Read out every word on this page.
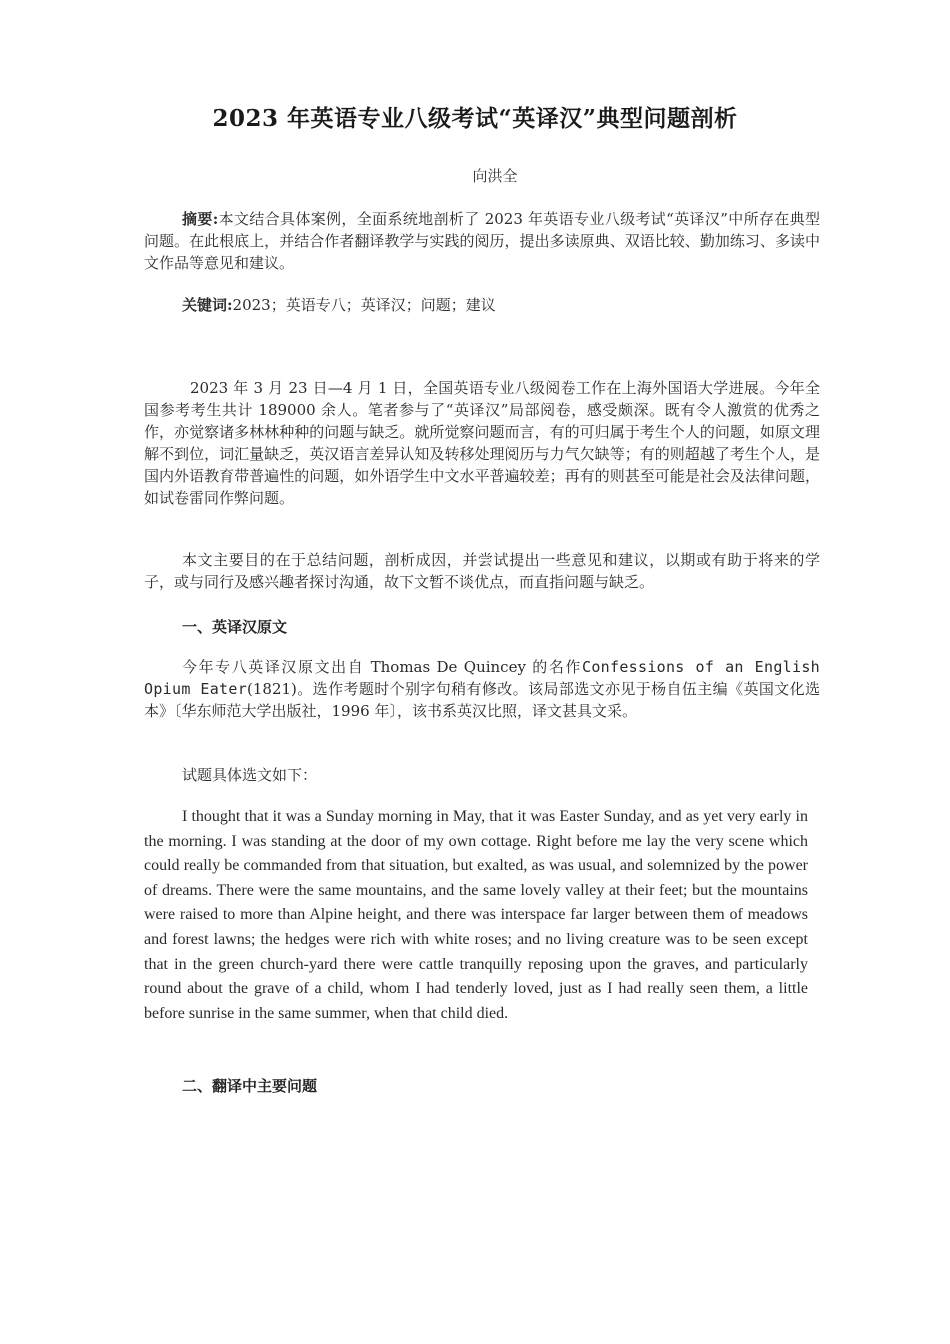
2023 年英语专业八级考试“英译汉”典型问题剖析
向洪全
摘要:本文结合具体案例，全面系统地剖析了 2023 年英语专业八级考试“英译汉”中所存在典型问题。在此根底上，并结合作者翻译教学与实践的阅历，提出多读原典、双语比较、勤加练习、多读中文作品等意见和建议。
关键词:2023；英语专八；英译汉；问题；建议
2023 年 3 月 23 日—4 月 1 日，全国英语专业八级阅卷工作在上海外国语大学进展。今年全国参考考生共计 189000 余人。笔者参与了“英译汉”局部阅卷，感受颇深。既有令人激赏的优秀之作，亦觉察诸多林林种种的问题与缺乏。就所觉察问题而言，有的可归属于考生个人的问题，如原文理解不到位，词汇量缺乏，英汉语言差异认知及转移处理阅历与力气欠缺等；有的则超越了考生个人，是国内外语教育带普遍性的问题，如外语学生中文水平普遍较差；再有的则甚至可能是社会及法律问题，如试卷雷同作弊问题。
本文主要目的在于总结问题，剖析成因，并尝试提出一些意见和建议，以期或有助于将来的学子，或与同行及感兴趣者探讨沟通，故下文暂不谈优点，而直指问题与缺乏。
一、英译汉原文
今年专八英译汉原文出自 Thomas De Quincey 的名作Confessions of an English Opium Eater(1821)。选作考题时个别字句稍有修改。该局部选文亦见于杨自伍主编《英国文化选本》〔华东师范大学出版社，1996 年〕，该书系英汉比照，译文甚具文采。
试题具体选文如下：
I thought that it was a Sunday morning in May, that it was Easter Sunday, and as yet very early in the morning. I was standing at the door of my own cottage. Right before me lay the very scene which could really be commanded from that situation, but exalted, as was usual, and solemnized by the power of dreams. There were the same mountains, and the same lovely valley at their feet; but the mountains were raised to more than Alpine height, and there was interspace far larger between them of meadows and forest lawns; the hedges were rich with white roses; and no living creature was to be seen except that in the green church-yard there were cattle tranquilly reposing upon the graves, and particularly round about the grave of a child, whom I had tenderly loved, just as I had really seen them, a little before sunrise in the same summer, when that child died.
二、翻译中主要问题
